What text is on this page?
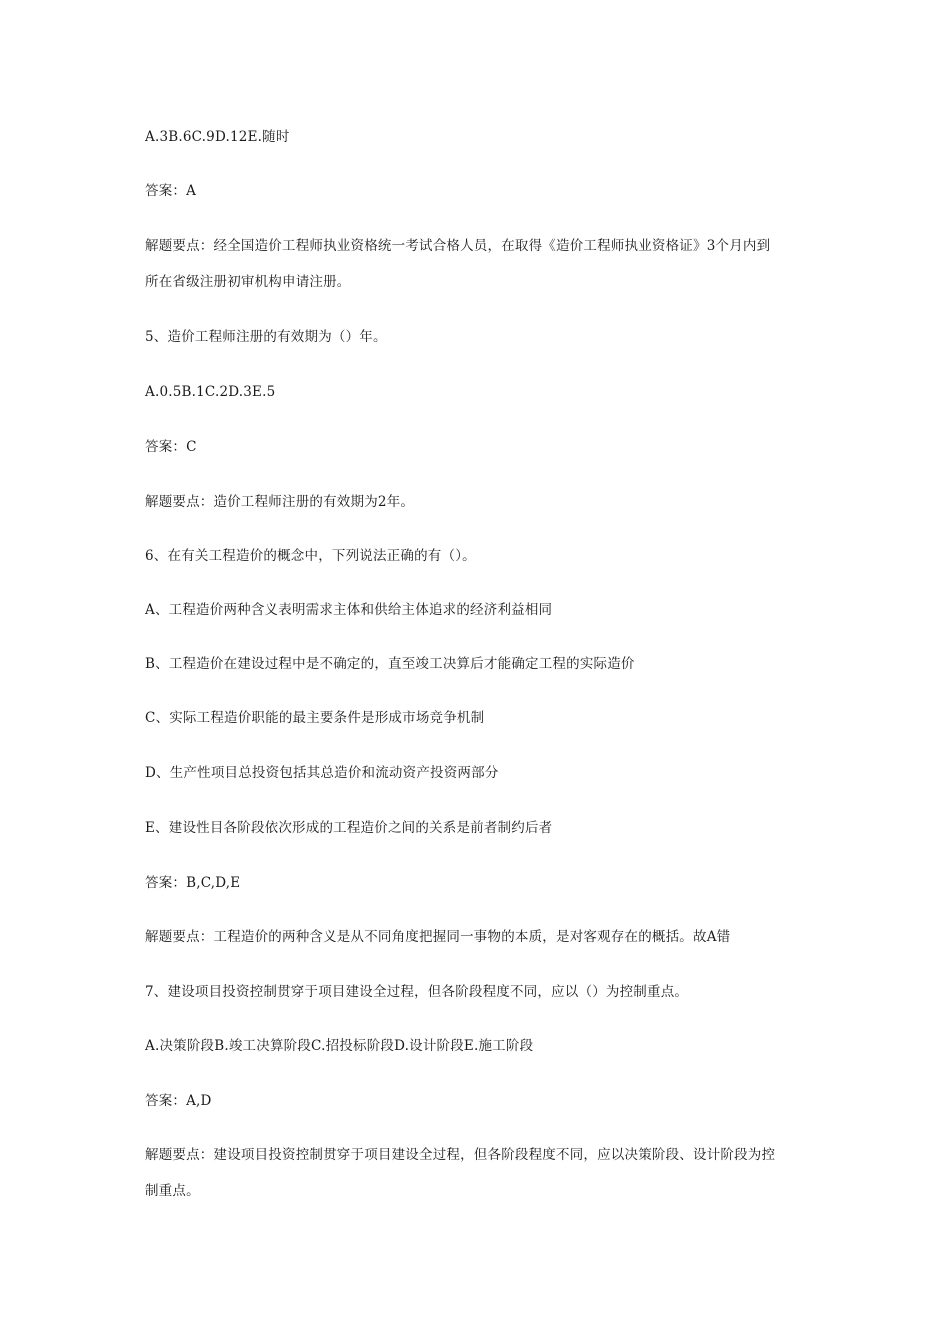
A.3B.6C.9D.12E.随时
答案：A
解题要点：经全国造价工程师执业资格统一考试合格人员，在取得《造价工程师执业资格证》3个月内到
所在省级注册初审机构申请注册。
5、造价工程师注册的有效期为（）年。
A.0.5B.1C.2D.3E.5
答案：C
解题要点：造价工程师注册的有效期为2年。
6、在有关工程造价的概念中，下列说法正确的有（）。
A、工程造价两种含义表明需求主体和供给主体追求的经济利益相同
B、工程造价在建设过程中是不确定的，直至竣工决算后才能确定工程的实际造价
C、实际工程造价职能的最主要条件是形成市场竞争机制
D、生产性项目总投资包括其总造价和流动资产投资两部分
E、建设性目各阶段依次形成的工程造价之间的关系是前者制约后者
答案：B,C,D,E
解题要点：工程造价的两种含义是从不同角度把握同一事物的本质，是对客观存在的概括。故A错
7、建设项目投资控制贯穿于项目建设全过程，但各阶段程度不同，应以（）为控制重点。
A.决策阶段B.竣工决算阶段C.招投标阶段D.设计阶段E.施工阶段
答案：A,D
解题要点：建设项目投资控制贯穿于项目建设全过程，但各阶段程度不同，应以决策阶段、设计阶段为控
制重点。
